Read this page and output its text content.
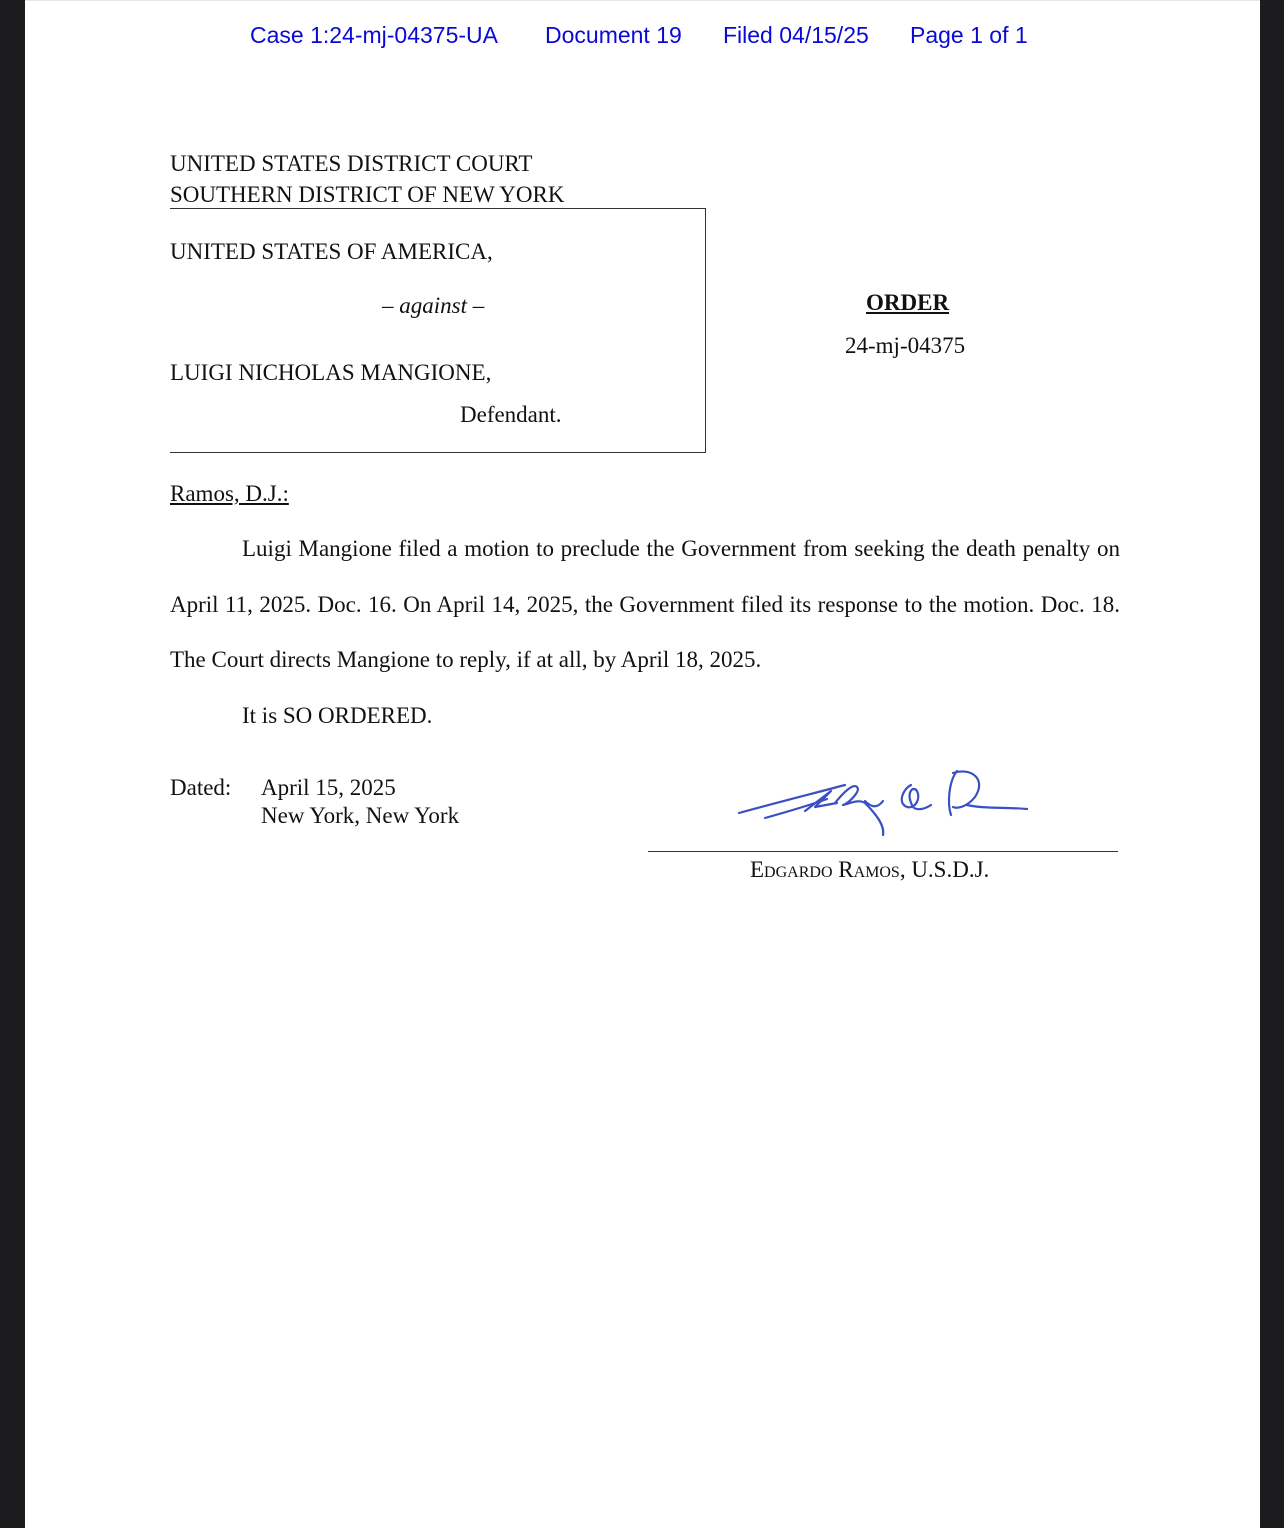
Case 1:24-mj-04375-UA Document 19 Filed 04/15/25 Page 1 of 1
UNITED STATES DISTRICT COURT
SOUTHERN DISTRICT OF NEW YORK
UNITED STATES OF AMERICA,
– against –
LUIGI NICHOLAS MANGIONE,
Defendant.
ORDER
24-mj-04375
Ramos, D.J.:

Luigi Mangione filed a motion to preclude the Government from seeking the death penalty on April 11, 2025. Doc. 16. On April 14, 2025, the Government filed its response to the motion. Doc. 18. The Court directs Mangione to reply, if at all, by April 18, 2025.

It is SO ORDERED.
Dated: April 15, 2025
New York, New York
Edgardo Ramos, U.S.D.J.
